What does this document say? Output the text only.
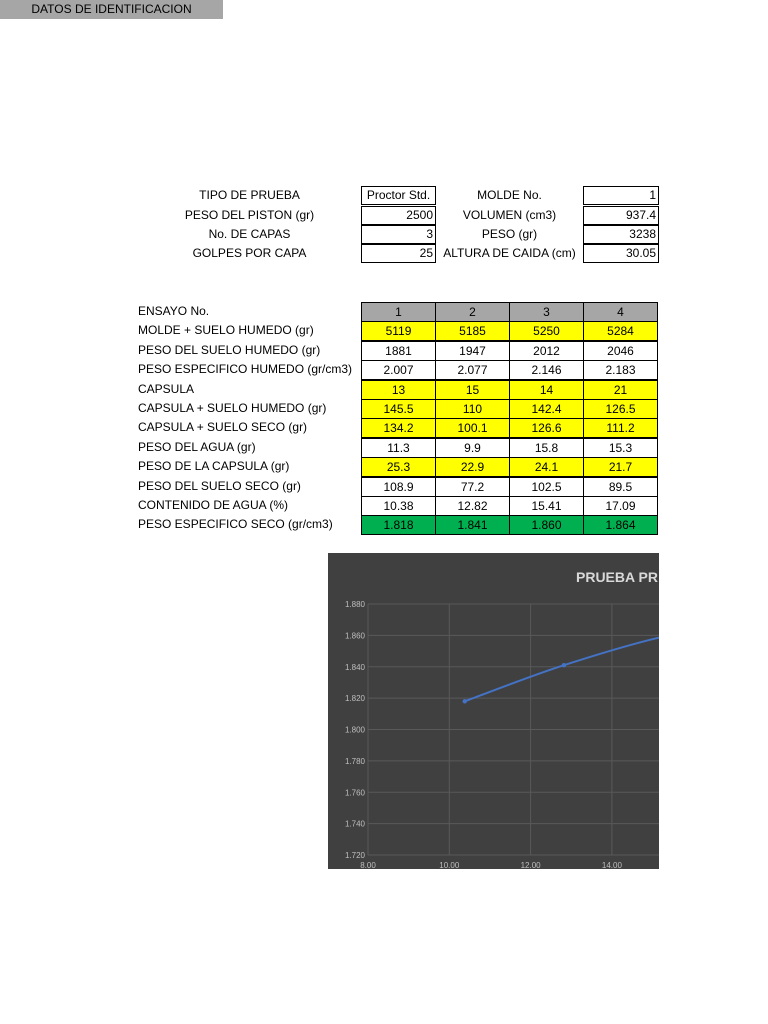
DATOS DE IDENTIFICACION
TIPO DE PRUEBA	Proctor Std.
PESO DEL PISTON (gr)	2500
No. DE CAPAS	3
GOLPES POR CAPA	25
MOLDE No.	1
VOLUMEN (cm3)	937.4
PESO (gr)	3238
ALTURA DE CAIDA (cm)	30.05
ENSAYO No.	1	2	3	4
MOLDE + SUELO HUMEDO (gr)	5119	5185	5250	5284
PESO DEL SUELO HUMEDO (gr)	1881	1947	2012	2046
PESO ESPECIFICO HUMEDO (gr/cm3)	2.007	2.077	2.146	2.183
CAPSULA	13	15	14	21
CAPSULA + SUELO HUMEDO (gr)	145.5	110	142.4	126.5
CAPSULA + SUELO SECO (gr)	134.2	100.1	126.6	111.2
PESO DEL AGUA (gr)	11.3	9.9	15.8	15.3
PESO DE LA CAPSULA (gr)	25.3	22.9	24.1	21.7
PESO DEL SUELO SECO (gr)	108.9	77.2	102.5	89.5
CONTENIDO DE AGUA (%)	10.38	12.82	15.41	17.09
PESO ESPECIFICO SECO (gr/cm3)	1.818	1.841	1.860	1.864
PRUEBA PR
1.880
1.860
1.840
1.820
1.800
1.780
1.760
1.740
1.720
8.00	10.00	12.00	14.00
